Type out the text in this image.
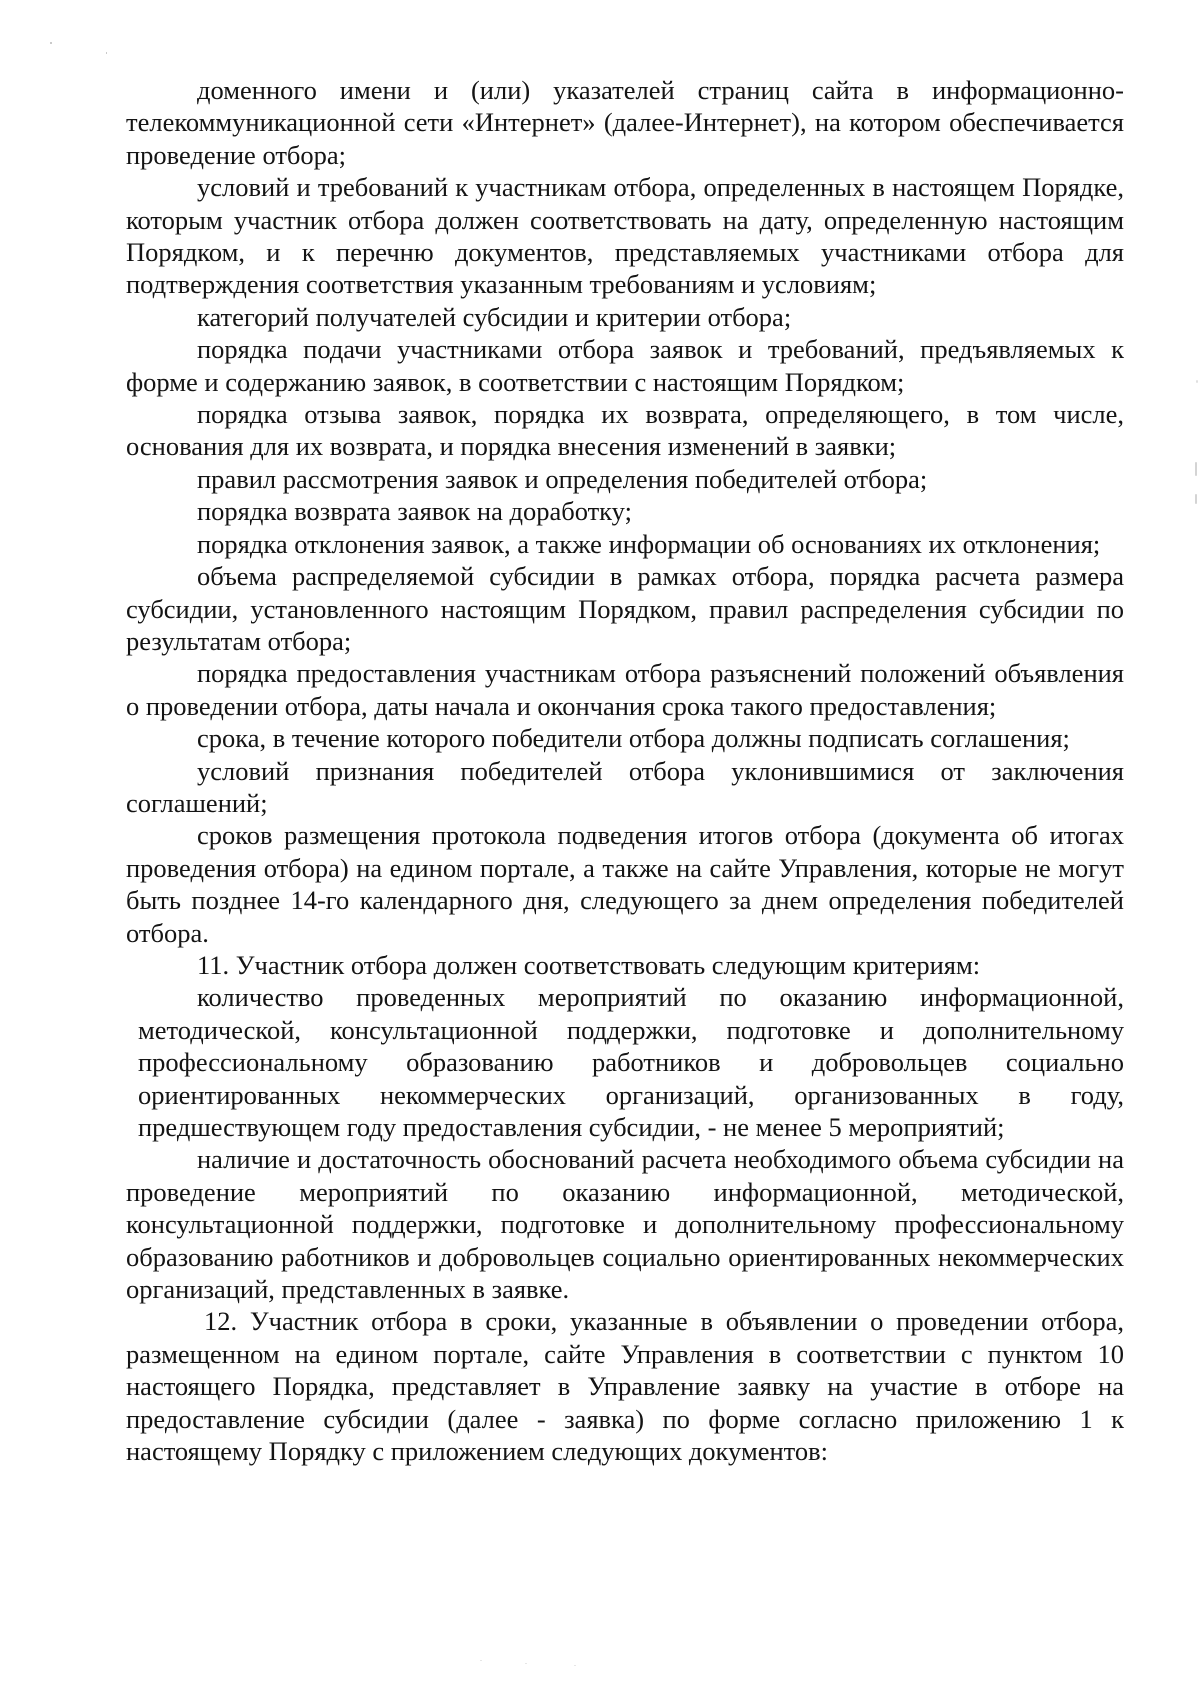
доменного имени и (или) указателей страниц сайта в информационно-телекоммуникационной сети «Интернет» (далее-Интернет), на котором обеспечивается проведение отбора;

условий и требований к участникам отбора, определенных в настоящем Порядке, которым участник отбора должен соответствовать на дату, определенную настоящим Порядком, и к перечню документов, представляемых участниками отбора для подтверждения соответствия указанным требованиям и условиям;

категорий получателей субсидии и критерии отбора;

порядка подачи участниками отбора заявок и требований, предъявляемых к форме и содержанию заявок, в соответствии с настоящим Порядком;

порядка отзыва заявок, порядка их возврата, определяющего, в том числе, основания для их возврата, и порядка внесения изменений в заявки;

правил рассмотрения заявок и определения победителей отбора;

порядка возврата заявок на доработку;

порядка отклонения заявок, а также информации об основаниях их отклонения;

объема распределяемой субсидии в рамках отбора, порядка расчета размера субсидии, установленного настоящим Порядком, правил распределения субсидии по результатам отбора;

порядка предоставления участникам отбора разъяснений положений объявления о проведении отбора, даты начала и окончания срока такого предоставления;

срока, в течение которого победители отбора должны подписать соглашения;

условий признания победителей отбора уклонившимися от заключения соглашений;

сроков размещения протокола подведения итогов отбора (документа об итогах проведения отбора) на едином портале, а также на сайте Управления, которые не могут быть позднее 14-го календарного дня, следующего за днем определения победителей отбора.

11. Участник отбора должен соответствовать следующим критериям:

количество проведенных мероприятий по оказанию информационной, методической, консультационной поддержки, подготовке и дополнительному профессиональному образованию работников и добровольцев социально ориентированных некоммерческих организаций, организованных в году, предшествующем году предоставления субсидии, - не менее 5 мероприятий;

наличие и достаточность обоснований расчета необходимого объема субсидии на проведение мероприятий по оказанию информационной, методической, консультационной поддержки, подготовке и дополнительному профессиональному образованию работников и добровольцев социально ориентированных некоммерческих организаций, представленных в заявке.

12. Участник отбора в сроки, указанные в объявлении о проведении отбора, размещенном на едином портале, сайте Управления в соответствии с пунктом 10 настоящего Порядка, представляет в Управление заявку на участие в отборе на предоставление субсидии (далее - заявка) по форме согласно приложению 1 к настоящему Порядку с приложением следующих документов:
